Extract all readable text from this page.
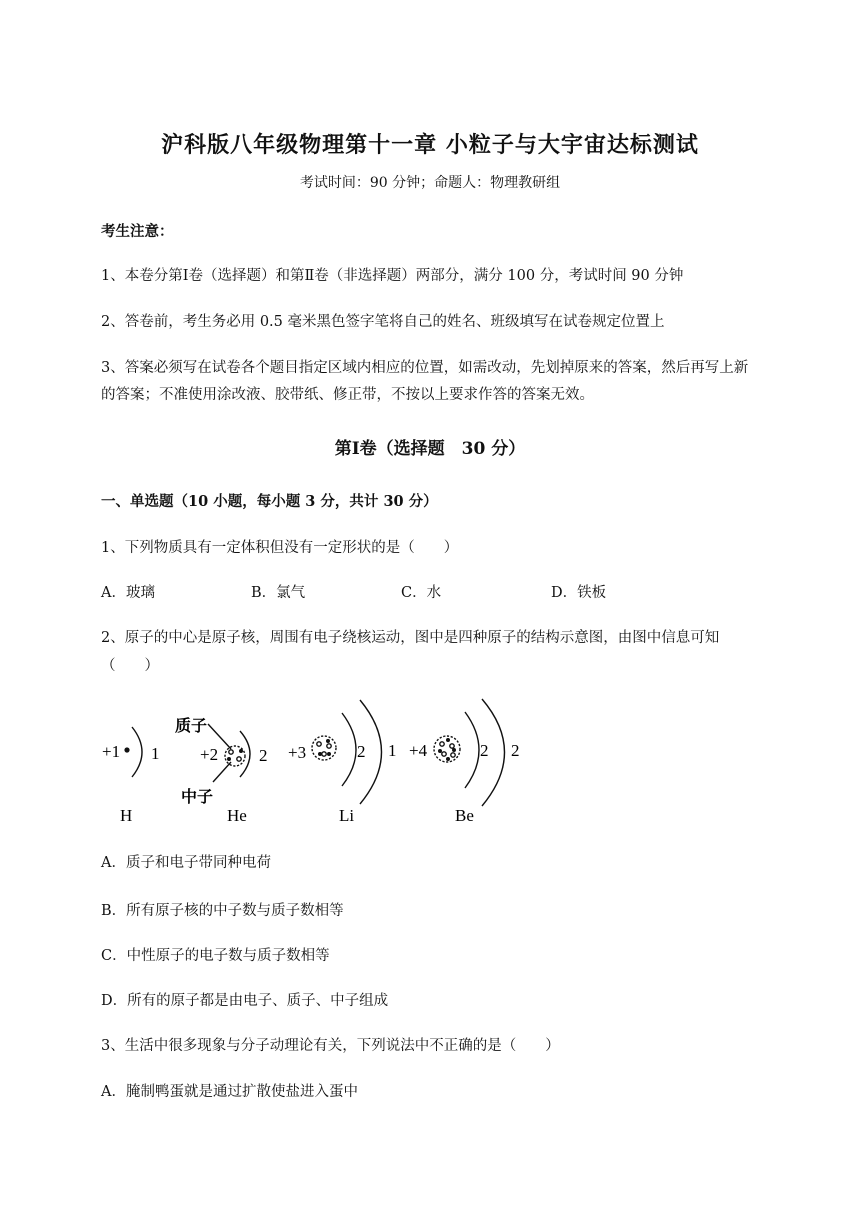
沪科版八年级物理第十一章 小粒子与大宇宙达标测试
考试时间：90 分钟；命题人：物理教研组
考生注意：
1、本卷分第Ⅰ卷（选择题）和第Ⅱ卷（非选择题）两部分，满分 100 分，考试时间 90 分钟
2、答卷前，考生务必用 0.5 毫米黑色签字笔将自己的姓名、班级填写在试卷规定位置上
3、答案必须写在试卷各个题目指定区域内相应的位置，如需改动，先划掉原来的答案，然后再写上新
的答案；不准使用涂改液、胶带纸、修正带，不按以上要求作答的答案无效。
第Ⅰ卷（选择题　30 分）
一、单选题（10 小题，每小题 3 分，共计 30 分）
1、下列物质具有一定体积但没有一定形状的是（　　）
A．玻璃	B．氯气	C．水	D．铁板
2、原子的中心是原子核，周围有电子绕核运动，图中是四种原子的结构示意图，由图中信息可知
（　　）
+1 1
H
+2 2
He
+3	2 1
Li
+4	2 2
Be
质子
中子
A．质子和电子带同种电荷
B．所有原子核的中子数与质子数相等
C．中性原子的电子数与质子数相等
D．所有的原子都是由电子、质子、中子组成
3、生活中很多现象与分子动理论有关，下列说法中不正确的是（　　）
A．腌制鸭蛋就是通过扩散使盐进入蛋中
